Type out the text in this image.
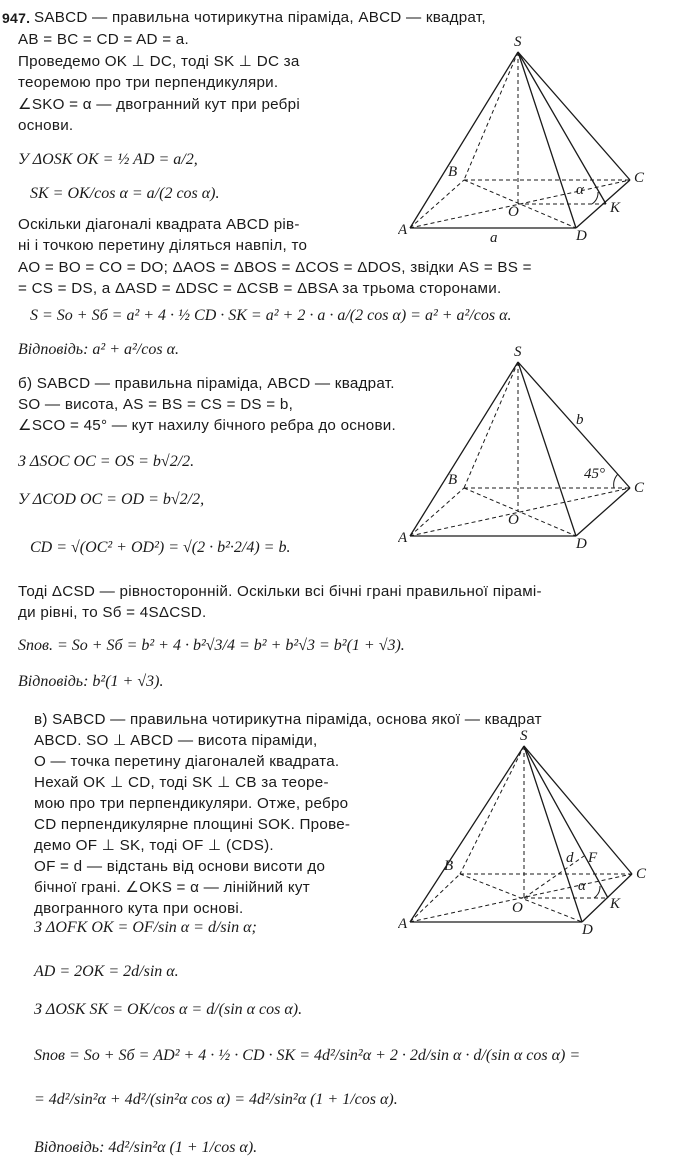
947. SABCD — правильна чотирикутна піраміда, ABCD — квадрат,
AB = BC = CD = AD = a.
Проведемо OK ⊥ DC, тоді SK ⊥ DC за
теоремою про три перпендикуляри.
∠SKO = α — двогранний кут при ребрі
основи.
У ΔOSK OK = ½ AD = a/2,
SK = OK/cos α = a/(2 cos α).
Оскільки діагоналі квадрата ABCD рів-
ні і точкою перетину діляться навпіл, то
AO = BO = CO = DO; ΔAOS = ΔBOS = ΔCOS = ΔDOS, звідки AS = BS =
= CS = DS, а ΔASD = ΔDSC = ΔCSB = ΔBSA за трьома сторонами.
S = Sо + Sб = a² + 4 · ½ CD · SK = a² + 2 · a · a/(2 cos α) = a² + a²/cos α.
Відповідь: a² + a²/cos α.
б) SABCD — правильна піраміда, ABCD — квадрат.
SO — висота, AS = BS = CS = DS = b,
∠SCO = 45° — кут нахилу бічного ребра до основи.
З ΔSOC OC = OS = b√2/2.
У ΔCOD OC = OD = b√2/2,
CD = √(OC² + OD²) = √(2 · b²·2/4) = b.
Тоді ΔCSD — рівносторонній. Оскільки всі бічні грані правильної пірамі-
ди рівні, то Sб = 4SΔCSD.
Sпов. = Sо + Sб = b² + 4 · b²√3/4 = b² + b²√3 = b²(1 + √3).
Відповідь: b²(1 + √3).
в) SABCD — правильна чотирикутна піраміда, основа якої — квадрат
ABCD. SO ⊥ ABCD — висота піраміди,
O — точка перетину діагоналей квадрата.
Нехай OK ⊥ CD, тоді SK ⊥ CB за теоре-
мою про три перпендикуляри. Отже, ребро
CD перпендикулярне площині SOK. Прове-
демо OF ⊥ SK, тоді OF ⊥ (CDS).
OF = d — відстань від основи висоти до
бічної грані. ∠OKS = α — лінійний кут
двогранного кута при основі.
З ΔOFK OK = OF/sin α = d/sin α;
AD = 2OK = 2d/sin α.
З ΔOSK SK = OK/cos α = d/(sin α cos α).
Sпов = Sо + Sб = AD² + 4 · ½ · CD · SK = 4d²/sin²α + 2 · 2d/sin α · d/(sin α cos α) =
= 4d²/sin²α + 4d²/(sin²α cos α) = 4d²/sin²α (1 + 1/cos α).
Відповідь: 4d²/sin²α (1 + 1/cos α).
S
A
B	C
D
O	K
a
α
S
A
B	C
D
O
b
45°
S
A
B	C
D
O	K
F
d
α
